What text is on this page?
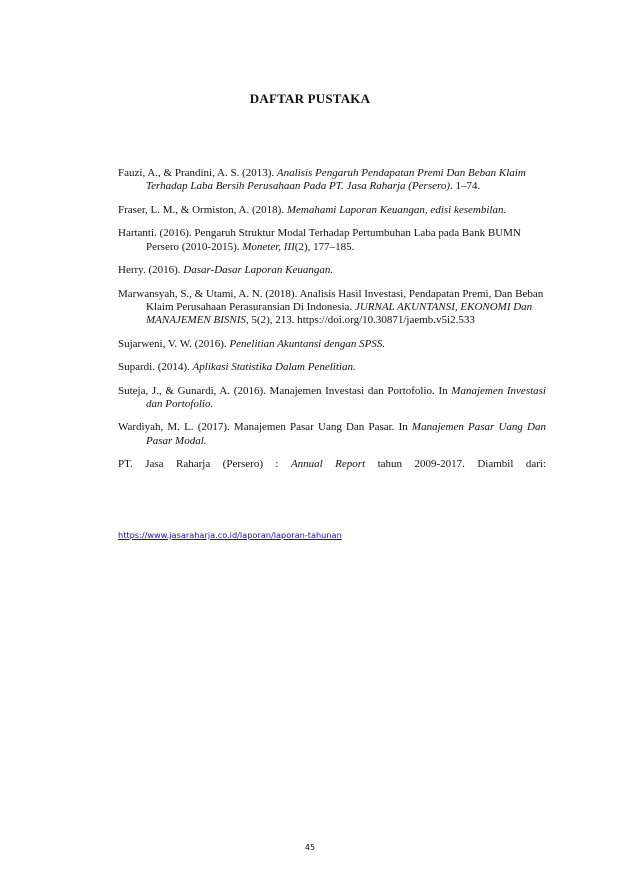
DAFTAR PUSTAKA

Fauzi, A., & Prandini, A. S. (2013). Analisis Pengaruh Pendapatan Premi Dan Beban Klaim Terhadap Laba Bersih Perusahaan Pada PT. Jasa Raharja (Persero). 1–74.

Fraser, L. M., & Ormiston, A. (2018). Memahami Laporan Keuangan, edisi kesembilan.

Hartanti. (2016). Pengaruh Struktur Modal Terhadap Pertumbuhan Laba pada Bank BUMN Persero (2010-2015). Moneter, III(2), 177–185.

Herry. (2016). Dasar-Dasar Laporan Keuangan.

Marwansyah, S., & Utami, A. N. (2018). Analisis Hasil Investasi, Pendapatan Premi, Dan Beban Klaim Perusahaan Perasuransian Di Indonesia. JURNAL AKUNTANSI, EKONOMI Dan MANAJEMEN BISNIS, 5(2), 213. https://doi.org/10.30871/jaemb.v5i2.533

Sujarweni, V. W. (2016). Penelitian Akuntansi dengan SPSS.

Supardi. (2014). Aplikasi Statistika Dalam Penelitian.

Suteja, J., & Gunardi, A. (2016). Manajemen Investasi dan Portofolio. In Manajemen Investasi dan Portofolio.

Wardiyah, M. L. (2017). Manajemen Pasar Uang Dan Pasar. In Manajemen Pasar Uang Dan Pasar Modal.

PT. Jasa Raharja (Persero) : Annual Report tahun 2009-2017. Diambil dari:

https://www.jasaraharja.co.id/laporan/laporan-tahunan
45
